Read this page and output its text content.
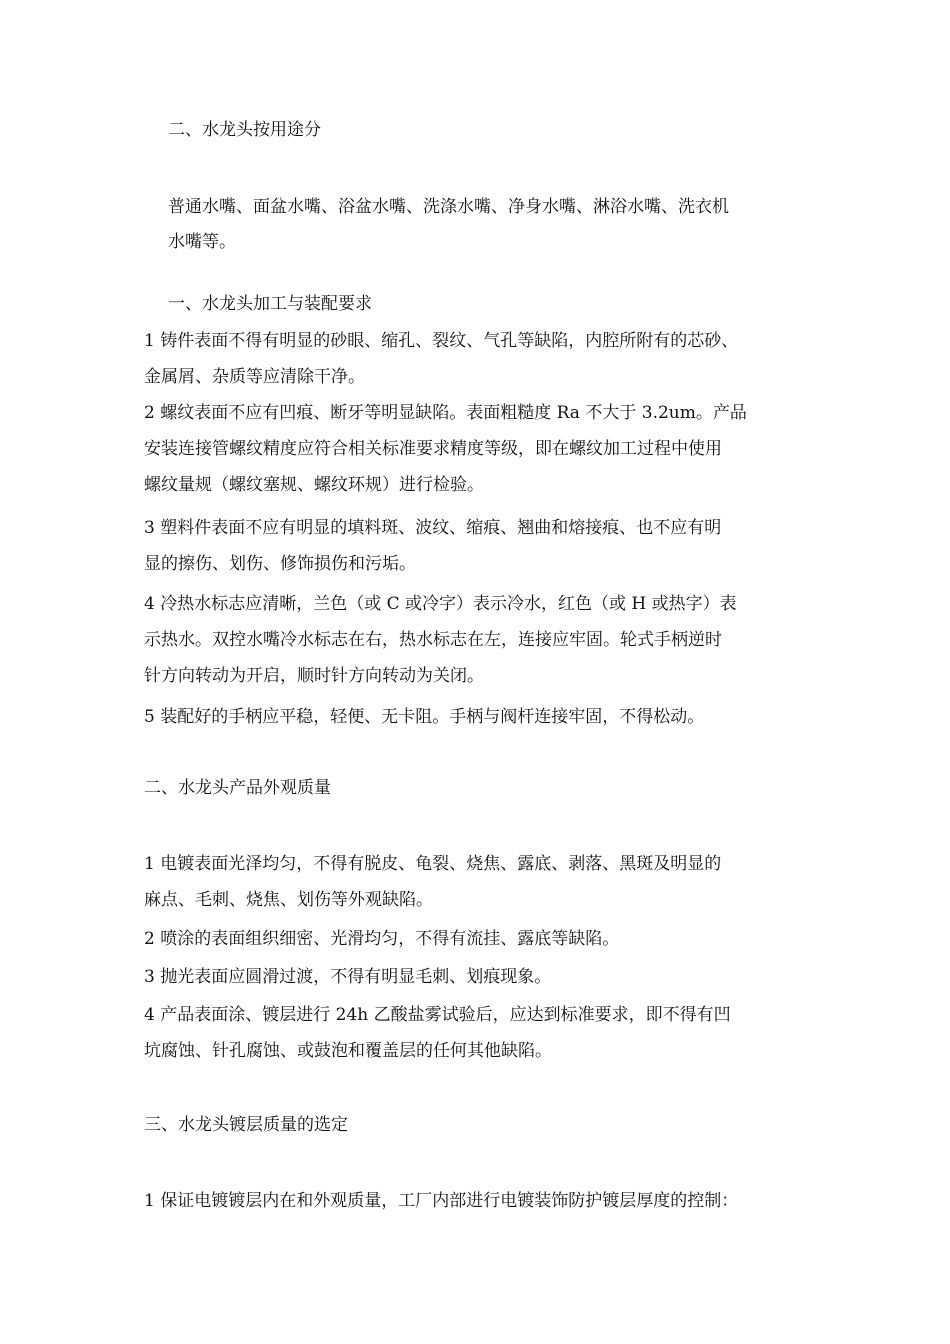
二、水龙头按用途分
普通水嘴、面盆水嘴、浴盆水嘴、洗涤水嘴、净身水嘴、淋浴水嘴、洗衣机
水嘴等。
一、水龙头加工与装配要求
1 铸件表面不得有明显的砂眼、缩孔、裂纹、气孔等缺陷，内腔所附有的芯砂、
金属屑、杂质等应清除干净。
2 螺纹表面不应有凹痕、断牙等明显缺陷。表面粗糙度 Ra 不大于 3.2um。产品
安装连接管螺纹精度应符合相关标准要求精度等级，即在螺纹加工过程中使用
螺纹量规（螺纹塞规、螺纹环规）进行检验。
3 塑料件表面不应有明显的填料斑、波纹、缩痕、翘曲和熔接痕、也不应有明
显的擦伤、划伤、修饰损伤和污垢。
4 冷热水标志应清晰，兰色（或 C 或冷字）表示冷水，红色（或 H 或热字）表
示热水。双控水嘴冷水标志在右，热水标志在左，连接应牢固。轮式手柄逆时
针方向转动为开启，顺时针方向转动为关闭。
5 装配好的手柄应平稳，轻便、无卡阻。手柄与阀杆连接牢固，不得松动。
二、水龙头产品外观质量
1 电镀表面光泽均匀，不得有脱皮、龟裂、烧焦、露底、剥落、黑斑及明显的
麻点、毛刺、烧焦、划伤等外观缺陷。
2 喷涂的表面组织细密、光滑均匀，不得有流挂、露底等缺陷。
3 抛光表面应圆滑过渡，不得有明显毛刺、划痕现象。
4 产品表面涂、镀层进行 24h 乙酸盐雾试验后，应达到标准要求，即不得有凹
坑腐蚀、针孔腐蚀、或鼓泡和覆盖层的任何其他缺陷。
三、水龙头镀层质量的选定
1 保证电镀镀层内在和外观质量，工厂内部进行电镀装饰防护镀层厚度的控制：
